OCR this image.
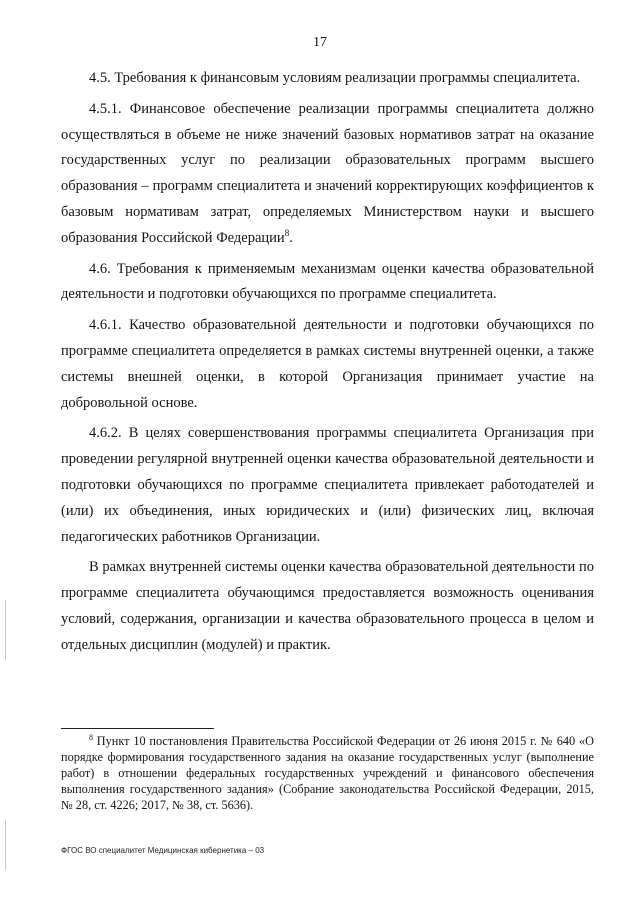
17

4.5. Требования к финансовым условиям реализации программы специалитета.

4.5.1. Финансовое обеспечение реализации программы специалитета должно осуществляться в объеме не ниже значений базовых нормативов затрат на оказание государственных услуг по реализации образовательных программ высшего образования – программ специалитета и значений корректирующих коэффициентов к базовым нормативам затрат, определяемых Министерством науки и высшего образования Российской Федерации$^8$.

4.6. Требования к применяемым механизмам оценки качества образовательной деятельности и подготовки обучающихся по программе специалитета.

4.6.1. Качество образовательной деятельности и подготовки обучающихся по программе специалитета определяется в рамках системы внутренней оценки, а также системы внешней оценки, в которой Организация принимает участие на добровольной основе.

4.6.2. В целях совершенствования программы специалитета Организация при проведении регулярной внутренней оценки качества образовательной деятельности и подготовки обучающихся по программе специалитета привлекает работодателей и (или) их объединения, иных юридических и (или) физических лиц, включая педагогических работников Организации.

В рамках внутренней системы оценки качества образовательной деятельности по программе специалитета обучающимся предоставляется возможность оценивания условий, содержания, организации и качества образовательного процесса в целом и отдельных дисциплин (модулей) и практик.

$^8$ Пункт 10 постановления Правительства Российской Федерации от 26 июня 2015 г. № 640 «О порядке формирования государственного задания на оказание государственных услуг (выполнение работ) в отношении федеральных государственных учреждений и финансового обеспечения выполнения государственного задания» (Собрание законодательства Российской Федерации, 2015, № 28, ст. 4226; 2017, № 38, ст. 5636).
ФГОС ВО специалитет Медицинская кибернетика – 03
